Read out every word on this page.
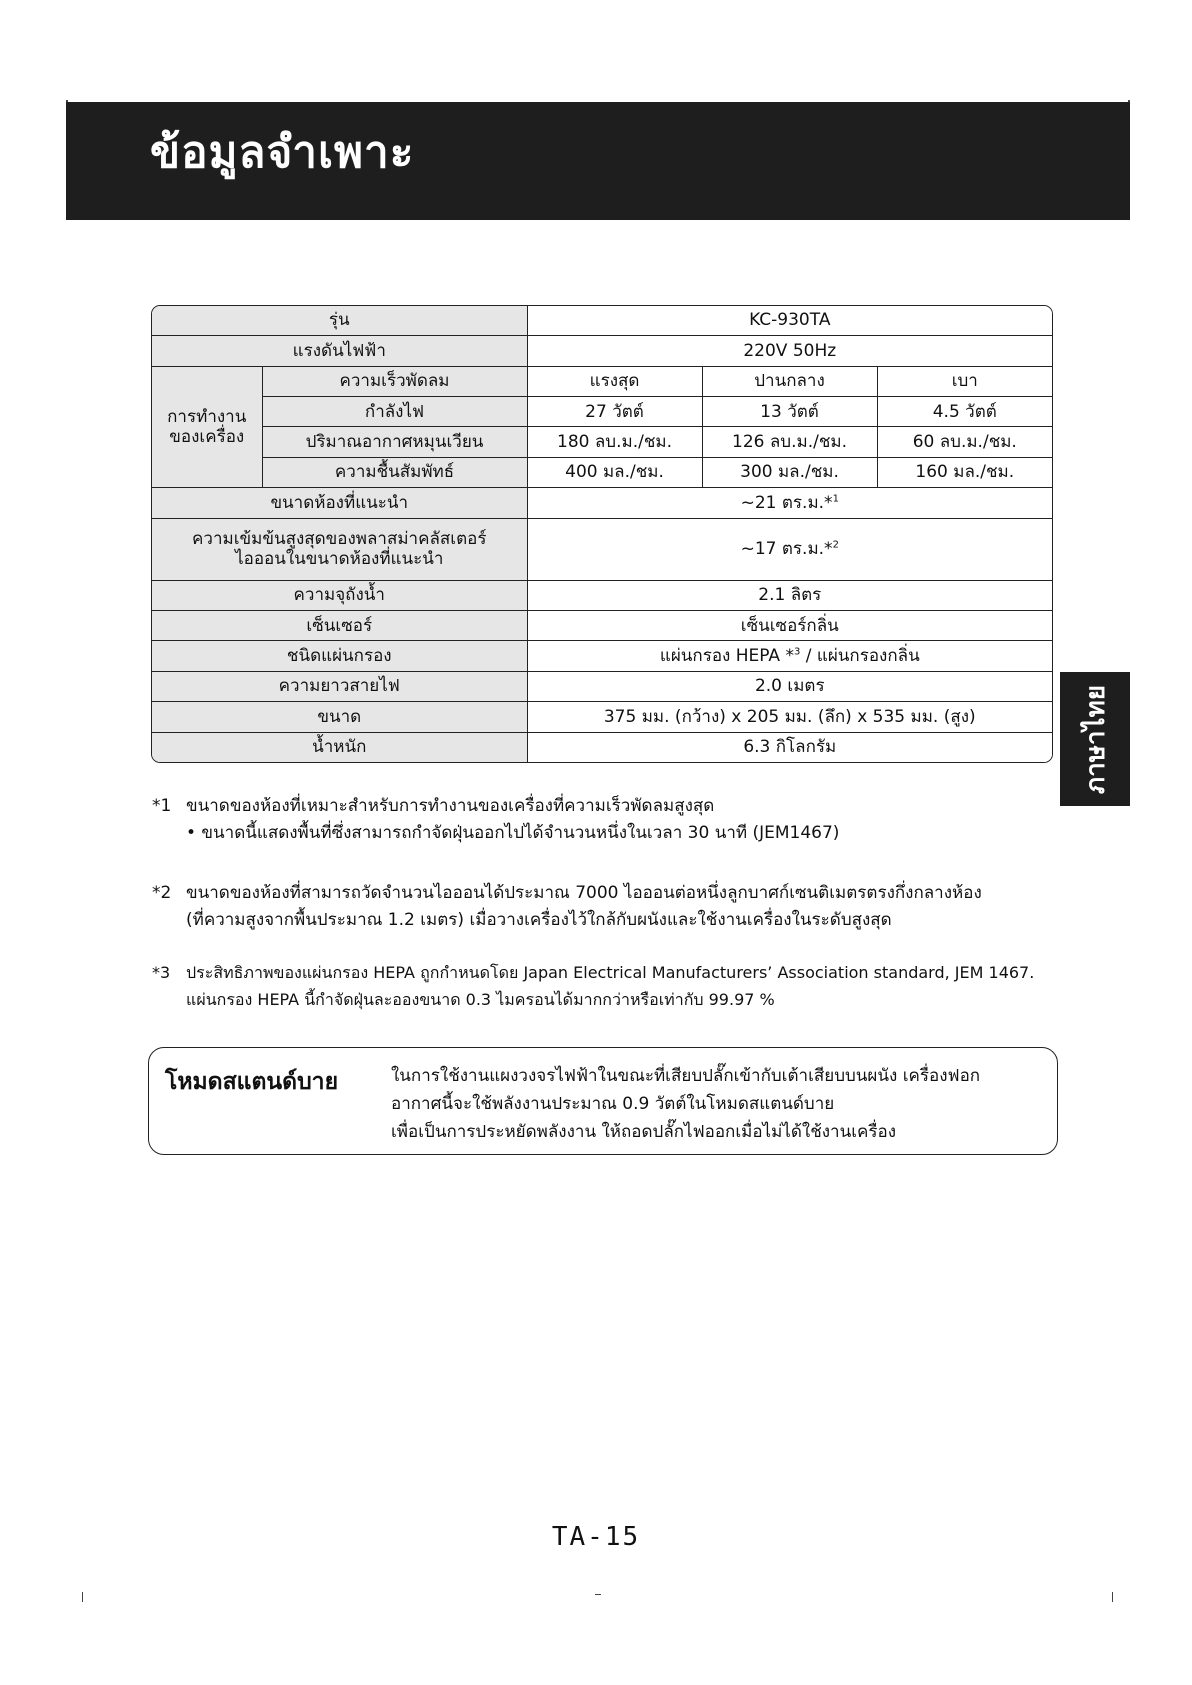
ข้อมูลจำเพาะ
รุ่น		KC-930TA		
แรงดันไฟฟ้า		220V 50Hz		

การทำงาน
ของเครื่อง	ความเร็วพัดลม	แรงสุด	ปานกลาง	เบา
	กำลังไฟ	27 วัตต์	13 วัตต์	4.5 วัตต์
	ปริมาณอากาศหมุนเวียน	180 ลบ.ม./ชม.	126 ลบ.ม./ชม.	60 ลบ.ม./ชม.
	ความชื้นสัมพัทธ์	400 มล./ชม.	300 มล./ชม.	160 มล./ชม.
ขนาดห้องที่แนะนำ		~21 ตร.ม.*$^1$

ความเข้มข้นสูงสุดของพลาสม่าคลัสเตอร์
ไอออนในขนาดห้องที่แนะนำ		~17 ตร.ม.*$^2$
ความจุถังน้ำ		2.1 ลิตร		
เซ็นเซอร์		เซ็นเซอร์กลิ่น		
ชนิดแผ่นกรอง		แผ่นกรอง HEPA *$^3$ / แผ่นกรองกลิ่น		
ความยาวสายไฟ		2.0 เมตร		
ขนาด		375 มม. (กว้าง) x 205 มม. (ลึก) x 535 มม. (สูง)		
น้ำหนัก		6.3 กิโลกรัม			ภาษาไทย
*1 ขนาดของห้องที่เหมาะสำหรับการทำงานของเครื่องที่ความเร็วพัดลมสูงสุด
• ขนาดนี้แสดงพื้นที่ซึ่งสามารถกำจัดฝุ่นออกไปได้จำนวนหนึ่งในเวลา 30 นาที (JEM1467)
*2 ขนาดของห้องที่สามารถวัดจำนวนไอออนได้ประมาณ 7000 ไอออนต่อหนึ่งลูกบาศก์เซนติเมตรตรงกึ่งกลางห้อง
(ที่ความสูงจากพื้นประมาณ 1.2 เมตร) เมื่อวางเครื่องไว้ใกล้กับผนังและใช้งานเครื่องในระดับสูงสุด
*3 ประสิทธิภาพของแผ่นกรอง HEPA ถูกกำหนดโดย Japan Electrical Manufacturers’ Association standard, JEM 1467.
แผ่นกรอง HEPA นี้กำจัดฝุ่นละอองขนาด 0.3 ไมครอนได้มากกว่าหรือเท่ากับ 99.97 %
โหมดสแตนด์บาย	ในการใช้งานแผงวงจรไฟฟ้าในขณะที่เสียบปลั๊กเข้ากับเต้าเสียบบนผนัง เครื่องฟอก
อากาศนี้จะใช้พลังงานประมาณ 0.9 วัตต์ในโหมดสแตนด์บาย
เพื่อเป็นการประหยัดพลังงาน ให้ถอดปลั๊กไฟออกเมื่อไม่ได้ใช้งานเครื่อง
TA-15
